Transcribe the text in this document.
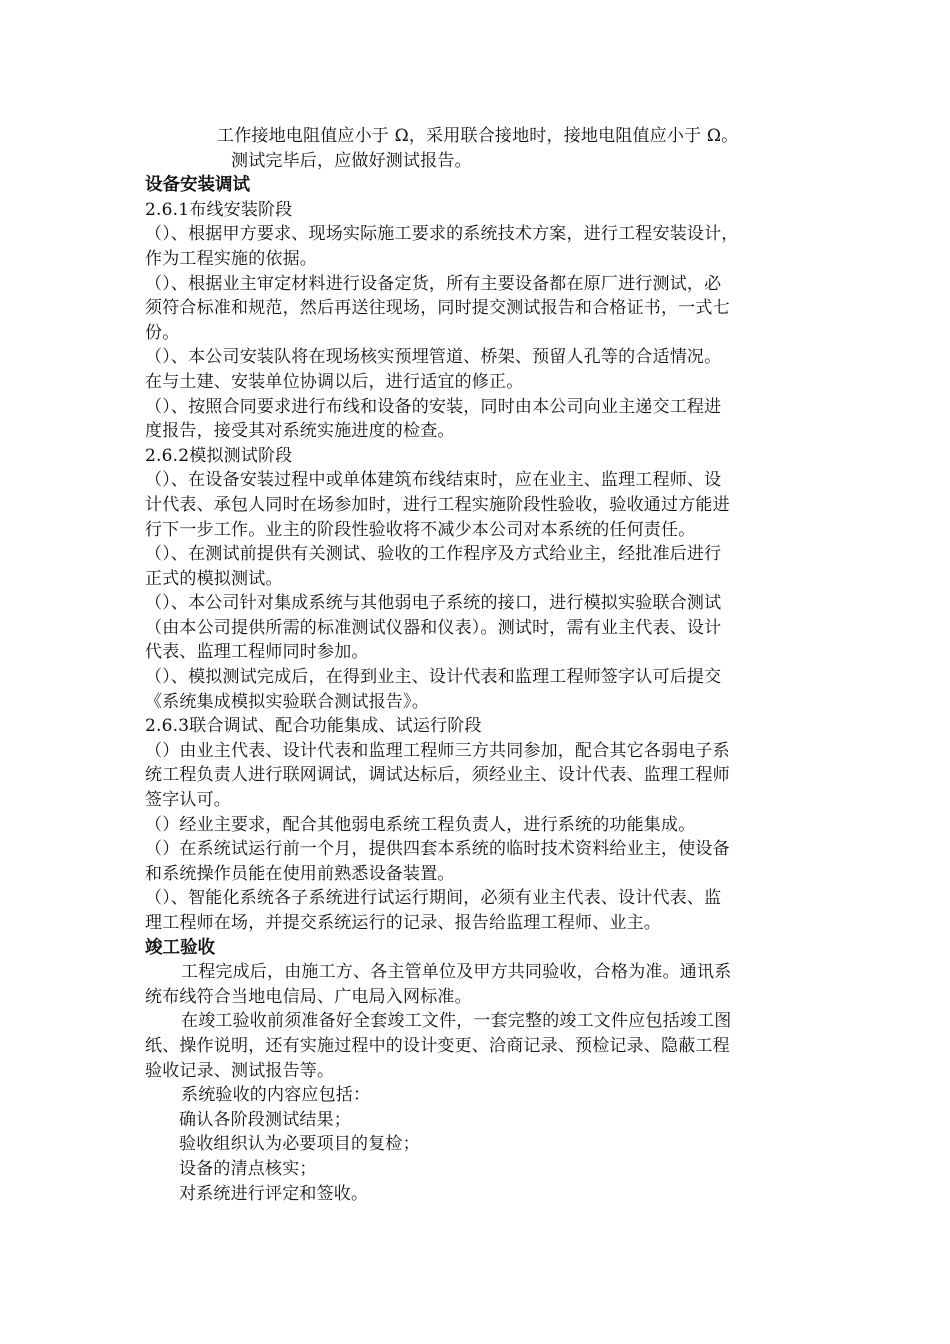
工作接地电阻值应小于 Ω，采用联合接地时，接地电阻值应小于 Ω。
测试完毕后，应做好测试报告。
设备安装调试
2.6.1布线安装阶段
（）、根据甲方要求、现场实际施工要求的系统技术方案，进行工程安装设计，
作为工程实施的依据。
（）、根据业主审定材料进行设备定货，所有主要设备都在原厂进行测试，必
须符合标准和规范，然后再送往现场，同时提交测试报告和合格证书，一式七
份。
（）、本公司安装队将在现场核实预埋管道、桥架、预留人孔等的合适情况。
在与土建、安装单位协调以后，进行适宜的修正。
（）、按照合同要求进行布线和设备的安装，同时由本公司向业主递交工程进
度报告，接受其对系统实施进度的检查。
2.6.2模拟测试阶段
（）、在设备安装过程中或单体建筑布线结束时，应在业主、监理工程师、设
计代表、承包人同时在场参加时，进行工程实施阶段性验收，验收通过方能进
行下一步工作。业主的阶段性验收将不减少本公司对本系统的任何责任。
（）、在测试前提供有关测试、验收的工作程序及方式给业主，经批准后进行
正式的模拟测试。
（）、本公司针对集成系统与其他弱电子系统的接口，进行模拟实验联合测试
（由本公司提供所需的标准测试仪器和仪表）。测试时，需有业主代表、设计
代表、监理工程师同时参加。
（）、模拟测试完成后，在得到业主、设计代表和监理工程师签字认可后提交
《系统集成模拟实验联合测试报告》。
2.6.3联合调试、配合功能集成、试运行阶段
（）由业主代表、设计代表和监理工程师三方共同参加，配合其它各弱电子系
统工程负责人进行联网调试，调试达标后，须经业主、设计代表、监理工程师
签字认可。
（）经业主要求，配合其他弱电系统工程负责人，进行系统的功能集成。
（）在系统试运行前一个月，提供四套本系统的临时技术资料给业主，使设备
和系统操作员能在使用前熟悉设备装置。
（）、智能化系统各子系统进行试运行期间，必须有业主代表、设计代表、监
理工程师在场，并提交系统运行的记录、报告给监理工程师、业主。
竣工验收
工程完成后，由施工方、各主管单位及甲方共同验收，合格为准。通讯系
统布线符合当地电信局、广电局入网标准。
在竣工验收前须准备好全套竣工文件，一套完整的竣工文件应包括竣工图
纸、操作说明，还有实施过程中的设计变更、洽商记录、预检记录、隐蔽工程
验收记录、测试报告等。
系统验收的内容应包括：
确认各阶段测试结果；
验收组织认为必要项目的复检；
设备的清点核实；
对系统进行评定和签收。
